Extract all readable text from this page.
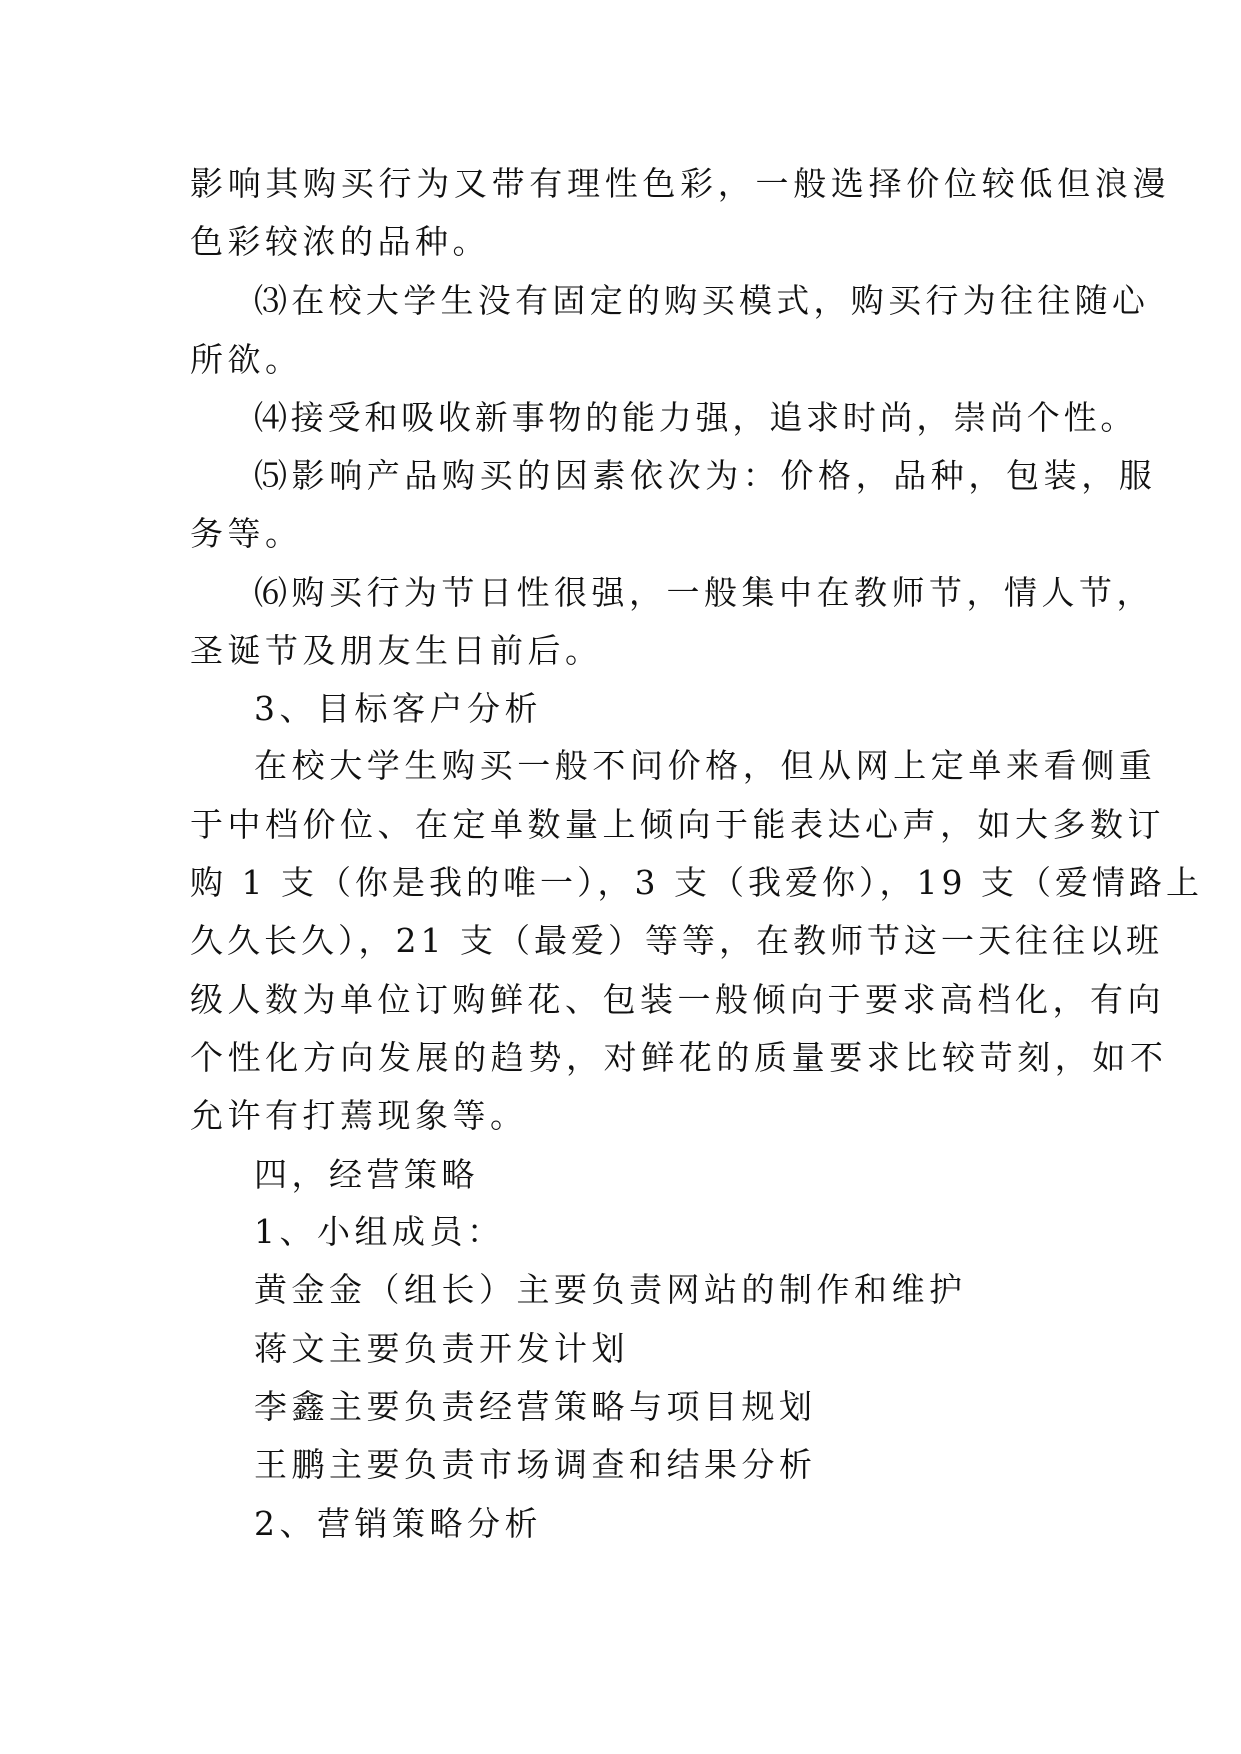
影响其购买行为又带有理性色彩，一般选择价位较低但浪漫

色彩较浓的品种。

⑶在校大学生没有固定的购买模式，购买行为往往随心

所欲。

⑷接受和吸收新事物的能力强，追求时尚，崇尚个性。

⑸影响产品购买的因素依次为：价格，品种，包装，服

务等。

⑹购买行为节日性很强，一般集中在教师节，情人节，

圣诞节及朋友生日前后。

3、目标客户分析

在校大学生购买一般不问价格，但从网上定单来看侧重

于中档价位、在定单数量上倾向于能表达心声，如大多数订

购 1 支（你是我的唯一），3 支（我爱你），19 支（爱情路上

久久长久），21 支（最爱）等等，在教师节这一天往往以班

级人数为单位订购鲜花、包装一般倾向于要求高档化，有向

个性化方向发展的趋势，对鲜花的质量要求比较苛刻，如不

允许有打蔫现象等。

四，经营策略

1、小组成员：

黄金金（组长）主要负责网站的制作和维护

蒋文主要负责开发计划

李鑫主要负责经营策略与项目规划

王鹏主要负责市场调查和结果分析

2、营销策略分析
